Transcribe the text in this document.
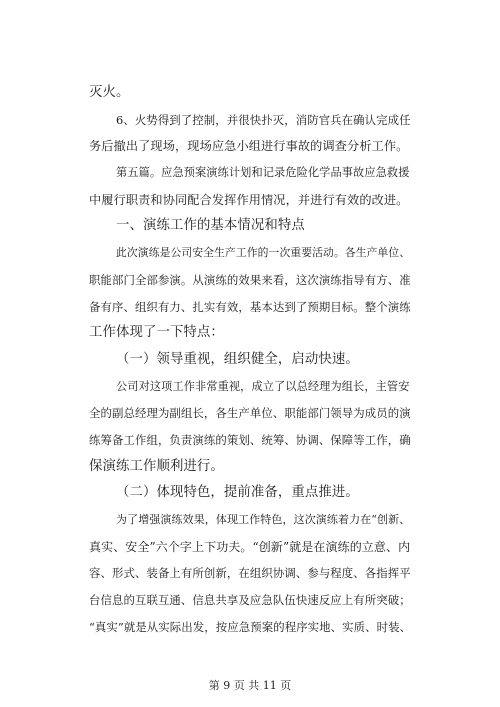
灭火。
6、火势得到了控制，并很快扑灭，消防官兵在确认完成任
务后撤出了现场，现场应急小组进行事故的调查分析工作。
第五篇。应急预案演练计划和记录危险化学品事故应急救援
中履行职责和协同配合发挥作用情况，并进行有效的改进。
一、演练工作的基本情况和特点
此次演练是公司安全生产工作的一次重要活动。各生产单位、
职能部门全部参演。从演练的效果来看，这次演练指导有方、准
备有序、组织有力、扎实有效，基本达到了预期目标。整个演练
工作体现了一下特点：
（一）领导重视，组织健全，启动快速。
公司对这项工作非常重视，成立了以总经理为组长，主管安
全的副总经理为副组长，各生产单位、职能部门领导为成员的演
练筹备工作组，负责演练的策划、统筹、协调、保障等工作，确
保演练工作顺利进行。
（二）体现特色，提前准备，重点推进。
为了增强演练效果，体现工作特色，这次演练着力在“创新、
真实、安全”六个字上下功夫。“创新”就是在演练的立意、内
容、形式、装备上有所创新，在组织协调、参与程度、各指挥平
台信息的互联互通、信息共享及应急队伍快速反应上有所突破；
“真实”就是从实际出发，按应急预案的程序实地、实质、时装、
第 9 页 共 11 页
